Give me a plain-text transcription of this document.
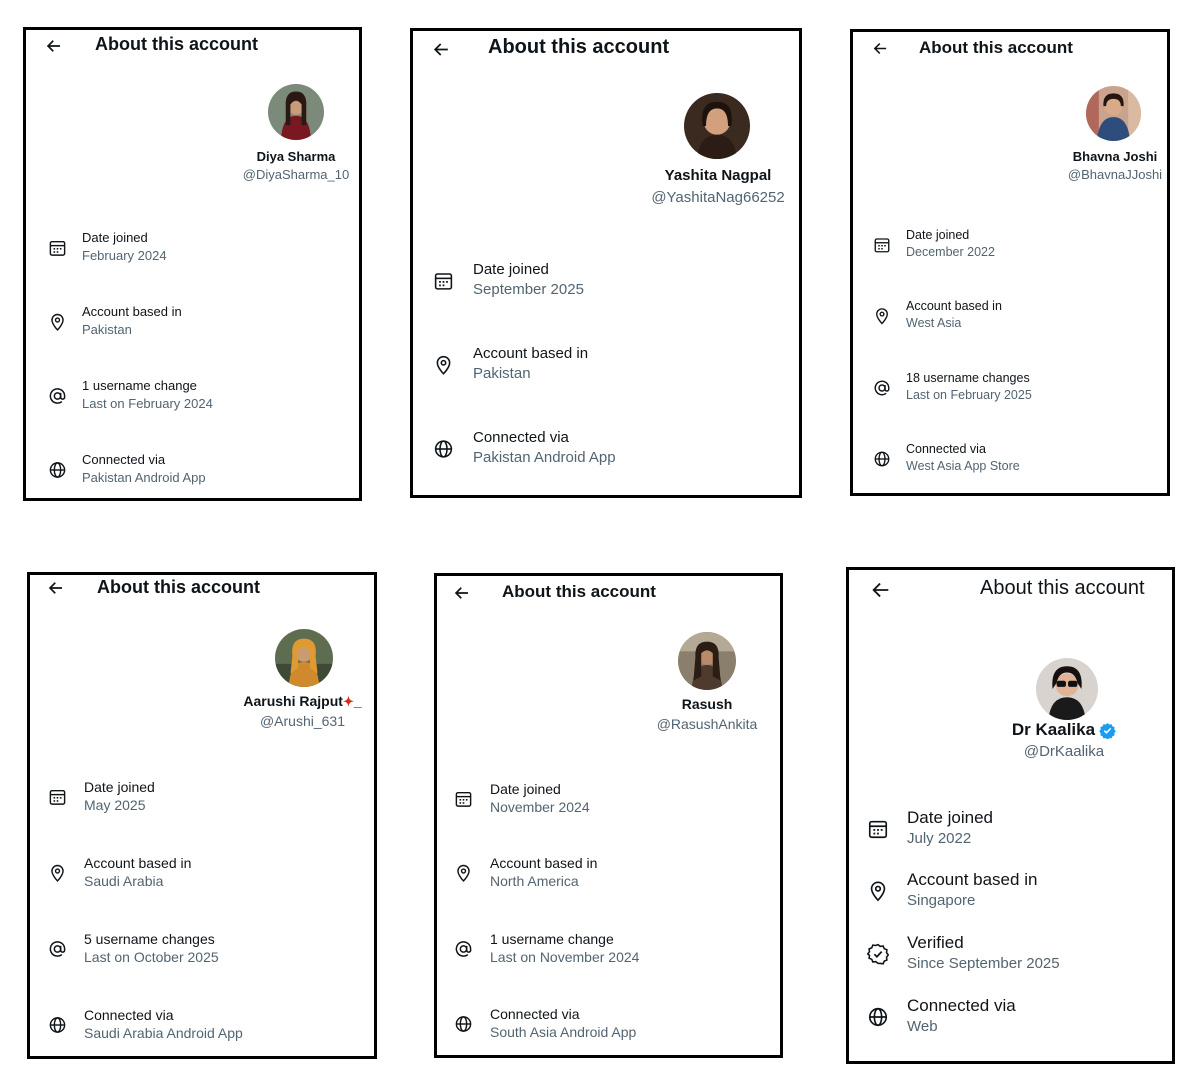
About this account
Diya Sharma
@DiyaSharma_10
Date joined
February 2024
Account based in
Pakistan
1 username change
Last on February 2024
Connected via
Pakistan Android App
About this account
Yashita Nagpal
@YashitaNag66252
Date joined
September 2025
Account based in
Pakistan
Connected via
Pakistan Android App
About this account
Bhavna Joshi
@BhavnaJJoshi
Date joined
December 2022
Account based in
West Asia
18 username changes
Last on February 2025
Connected via
West Asia App Store
About this account
Aarushi Rajput✦_
@Arushi_631
Date joined
May 2025
Account based in
Saudi Arabia
5 username changes
Last on October 2025
Connected via
Saudi Arabia Android App
About this account
Rasush
@RasushAnkita
Date joined
November 2024
Account based in
North America
1 username change
Last on November 2024
Connected via
South Asia Android App
About this account
Dr Kaalika
@DrKaalika
Date joined
July 2022
Account based in
Singapore
Verified
Since September 2025
Connected via
Web
